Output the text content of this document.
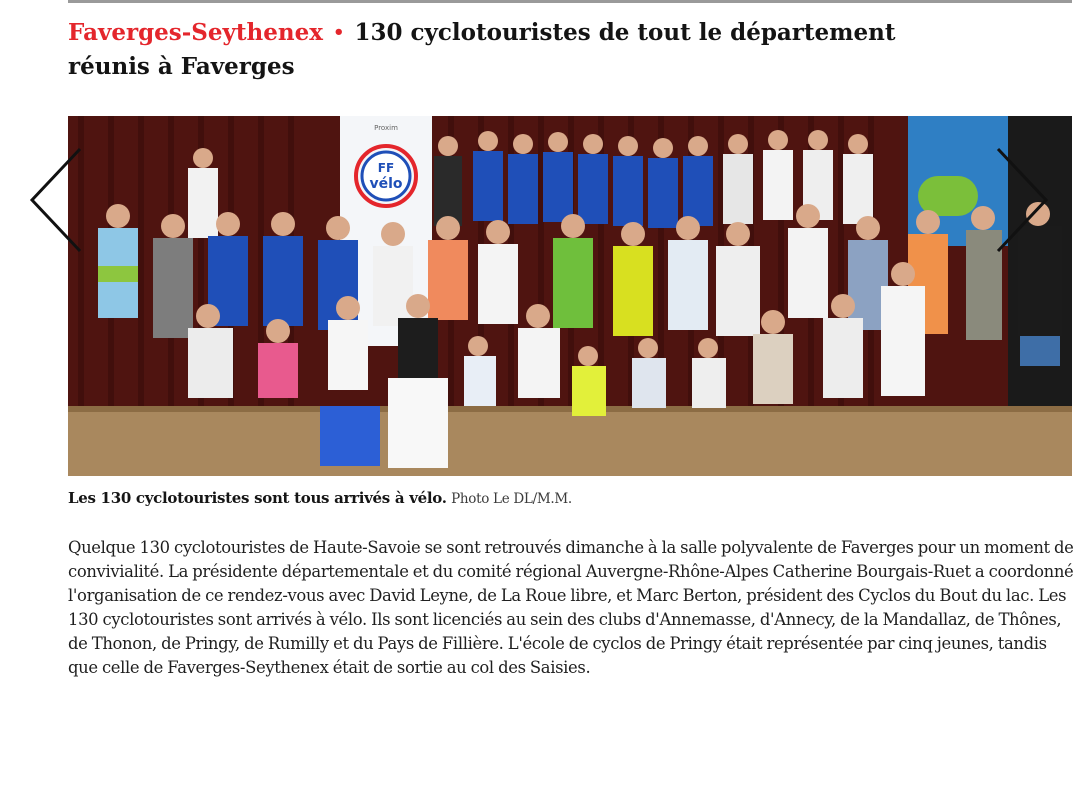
Faverges-Seythenex • 130 cyclotouristes de tout le département réunis à Faverges
Proxim
FF
vélo
Les 130 cyclotouristes sont tous arrivés à vélo. Photo Le DL/M.M.

Quelque 130 cyclotouristes de Haute-Savoie se sont retrouvés dimanche à la salle polyvalente de Faverges pour un moment de convivialité. La présidente départementale et du comité régional Auvergne-Rhône-Alpes Catherine Bourgais-Ruet a coordonné l'organisation de ce rendez-vous avec David Leyne, de La Roue libre, et Marc Berton, président des Cyclos du Bout du lac. Les 130 cyclotouristes sont arrivés à vélo. Ils sont licenciés au sein des clubs d'Annemasse, d'Annecy, de la Mandallaz, de Thônes, de Thonon, de Pringy, de Rumilly et du Pays de Fillière. L'école de cyclos de Pringy était représentée par cinq jeunes, tandis que celle de Faverges-Seythenex était de sortie au col des Saisies.
